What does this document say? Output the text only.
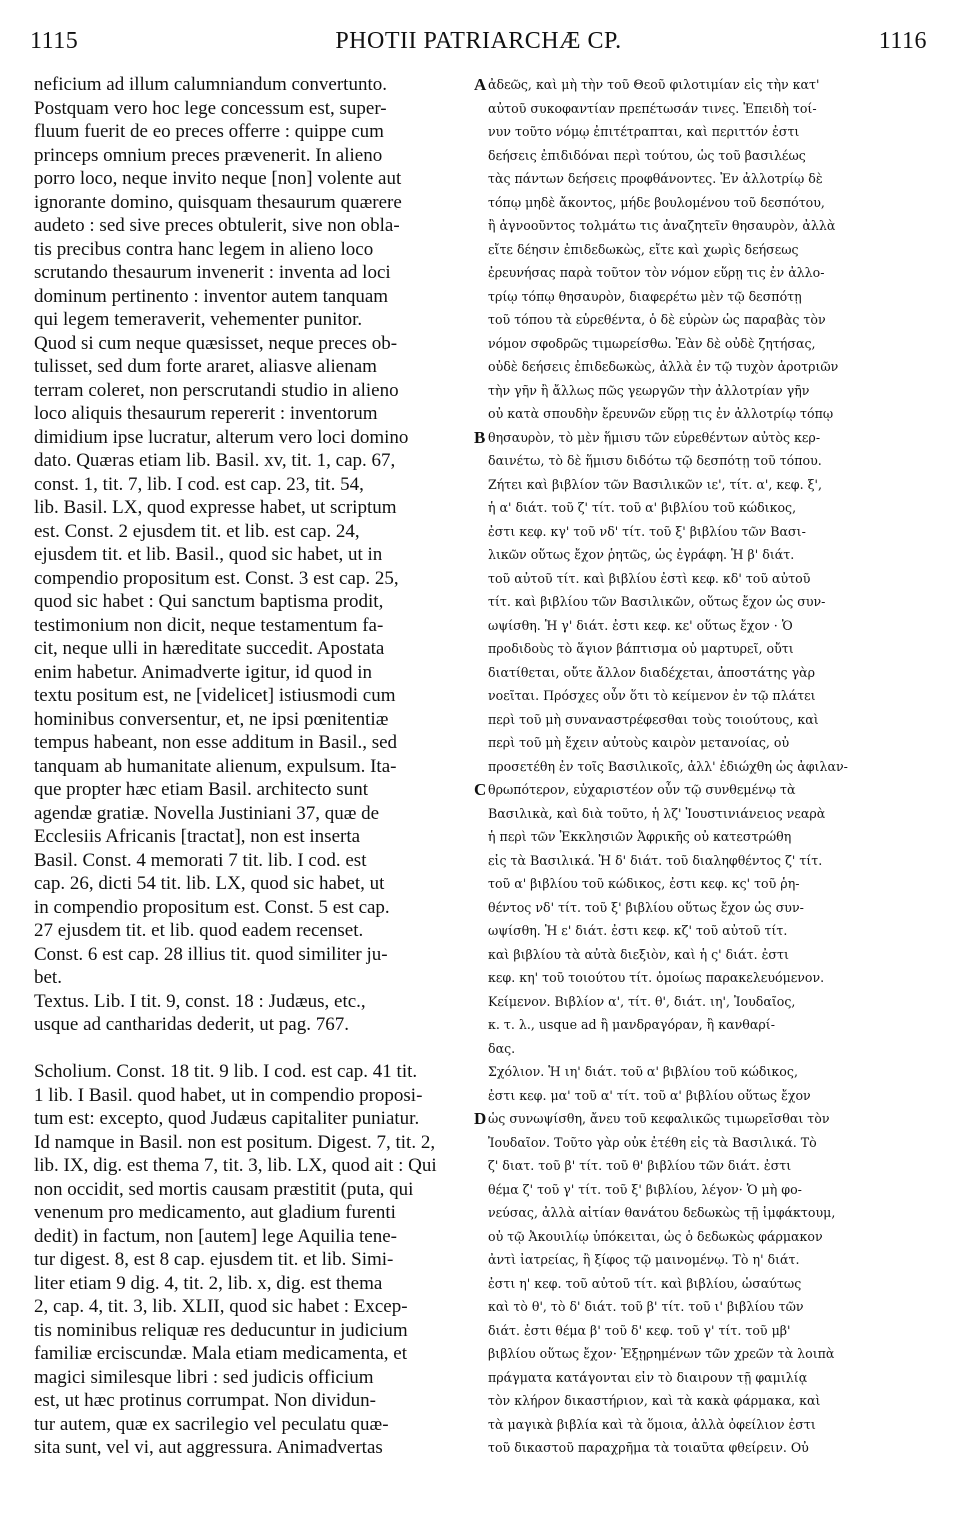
1115	PHOTII PATRIARCHÆ CP.	1116
neficium ad illum calumniandum convertunto.
Postquam vero hoc lege concessum est, super-
fluum fuerit de eo preces offerre : quippe cum
princeps omnium preces prævenerit. In alieno
porro loco, neque invito neque [non] volente aut
ignorante domino, quisquam thesaurum quærere
audeto : sed sive preces obtulerit, sive non obla-
tis precibus contra hanc legem in alieno loco
scrutando thesaurum invenerit : inventa ad loci
dominum pertinento : inventor autem tanquam
qui legem temeraverit, vehementer punitor.
Quod si cum neque quæsisset, neque preces ob-
tulisset, sed dum forte araret, aliasve alienam
terram coleret, non perscrutandi studio in alieno
loco aliquis thesaurum repererit : inventorum
dimidium ipse lucratur, alterum vero loci domino
dato. Quæras etiam lib. Basil. xv, tit. 1, cap. 67,
const. 1, tit. 7, lib. I cod. est cap. 23, tit. 54,
lib. Basil. LX, quod expresse habet, ut scriptum
est. Const. 2 ejusdem tit. et lib. est cap. 24,
ejusdem tit. et lib. Basil., quod sic habet, ut in
compendio propositum est. Const. 3 est cap. 25,
quod sic habet : Qui sanctum baptisma prodit,
testimonium non dicit, neque testamentum fa-
cit, neque ulli in hæreditate succedit. Apostata
enim habetur. Animadverte igitur, id quod in
textu positum est, ne [videlicet] istiusmodi cum
hominibus conversentur, et, ne ipsi pœnitentiæ
tempus habeant, non esse additum in Basil., sed
tanquam ab humanitate alienum, expulsum. Ita-
que propter hæc etiam Basil. architecto sunt
agendæ gratiæ. Novella Justiniani 37, quæ de
Ecclesiis Africanis [tractat], non est inserta
Basil. Const. 4 memorati 7 tit. lib. I cod. est
cap. 26, dicti 54 tit. lib. LX, quod sic habet, ut
in compendio propositum est. Const. 5 est cap.
27 ejusdem tit. et lib. quod eadem recenset.
Const. 6 est cap. 28 illius tit. quod similiter ju-
bet.
Textus. Lib. I tit. 9, const. 18 : Judæus, etc.,
usque ad cantharidas dederit, ut pag. 767.
Scholium. Const. 18 tit. 9 lib. I cod. est cap. 41 tit.
1 lib. I Basil. quod habet, ut in compendio proposi-
tum est: excepto, quod Judæus capitaliter puniatur.
Id namque in Basil. non est positum. Digest. 7, tit. 2,
lib. IX, dig. est thema 7, tit. 3, lib. LX, quod ait : Qui
non occidit, sed mortis causam præstitit (puta, qui
venenum pro medicamento, aut gladium furenti
dedit) in factum, non [autem] lege Aquilia tene-
tur digest. 8, est 8 cap. ejusdem tit. et lib. Simi-
liter etiam 9 dig. 4, tit. 2, lib. x, dig. est thema
2, cap. 4, tit. 3, lib. XLII, quod sic habet : Excep-
tis nominibus reliquæ res deducuntur in judicium
familiæ erciscundæ. Mala etiam medicamenta, et
magici similesque libri : sed judicis officium
est, ut hæc protinus corrumpat. Non dividun-
tur autem, quæ ex sacrilegio vel peculatu quæ-
sita sunt, vel vi, aut aggressura. Animadvertas
A
B
C
D
ἀδεῶς, καὶ μὴ τὴν τοῦ Θεοῦ φιλοτιμίαν εἰς τὴν κατ'
αὐτοῦ συκοφαντίαν πρεπέτωσάν τινες. Ἐπειδὴ τοί-
νυν τοῦτο νόμῳ ἐπιτέτραπται, καὶ περιττόν ἐστι
δεήσεις ἐπιδιδόναι περὶ τούτου, ὡς τοῦ βασιλέως
τὰς πάντων δεήσεις προφθάνοντες. Ἐν ἀλλοτρίῳ δὲ
τόπῳ μηδὲ ἄκοντος, μήδε βουλομένου τοῦ δεσπότου,
ἢ ἀγνοοῦντος τολμάτω τις ἀναζητεῖν θησαυρὸν, ἀλλὰ
εἴτε δέησιν ἐπιδεδωκὼς, εἴτε καὶ χωρὶς δεήσεως
ἐρευνήσας παρὰ τοῦτον τὸν νόμον εὕρῃ τις ἐν ἀλλο-
τρίῳ τόπῳ θησαυρὸν, διαφερέτω μὲν τῷ δεσπότῃ
τοῦ τόπου τὰ εὑρεθέντα, ὁ δὲ εὑρὼν ὡς παραβὰς τὸν
νόμον σφοδρῶς τιμωρείσθω. Ἐὰν δὲ οὐδὲ ζητήσας,
οὐδὲ δεήσεις ἐπιδεδωκὼς, ἀλλὰ ἐν τῷ τυχὸν ἀροτριῶν
τὴν γῆν ἢ ἄλλως πῶς γεωργῶν τὴν ἀλλοτρίαν γῆν
οὐ κατὰ σπουδὴν ἔρευνῶν εὕρῃ τις ἐν ἀλλοτρίῳ τόπῳ
θησαυρὸν, τὸ μὲν ἥμισυ τῶν εὑρεθέντων αὐτὸς κερ-
δαινέτω, τὸ δὲ ἥμισυ διδότω τῷ δεσπότῃ τοῦ τόπου.
Ζήτει καὶ βιβλίον τῶν Βασιλικῶν ιε', τίτ. α', κεφ. ξ',
ἡ α' διάτ. τοῦ ζ' τίτ. τοῦ α' βιβλίου τοῦ κώδικος,
ἐστι κεφ. κγ' τοῦ νδ' τίτ. τοῦ ξ' βιβλίου τῶν Βασι-
λικῶν οὕτως ἔχον ῥητῶς, ὡς ἐγράφη. Ἡ β' διάτ.
τοῦ αὐτοῦ τίτ. καὶ βιβλίου ἐστὶ κεφ. κδ' τοῦ αὐτοῦ
τίτ. καὶ βιβλίου τῶν Βασιλικῶν, οὕτως ἔχον ὡς συν-
ωψίσθη. Ἡ γ' διάτ. ἐστι κεφ. κε' οὕτως ἔχον · Ὁ
προδιδοὺς τὸ ἅγιον βάπτισμα οὐ μαρτυρεῖ, οὔτι
διατίθεται, οὔτε ἄλλον διαδέχεται, ἀποστάτης γὰρ
νοεῖται. Πρόσχες οὖν ὅτι τὸ κείμενον ἐν τῷ πλάτει
περὶ τοῦ μὴ συναναστρέφεσθαι τοὺς τοιούτους, καὶ
περὶ τοῦ μὴ ἔχειν αὐτοὺς καιρὸν μετανοίας, οὐ
προσετέθη ἐν τοῖς Βασιλικοῖς, ἀλλ' ἐδιώχθη ὡς ἀφιλαν-
θρωπότερον, εὐχαριστέον οὖν τῷ συνθεμένῳ τὰ
Βασιλικὰ, καὶ διὰ τοῦτο, ἡ λζ' Ἰουστινιάνειος νεαρὰ
ἡ περὶ τῶν Ἐκκλησιῶν Ἀφρικῆς οὐ κατεστρώθη
εἰς τὰ Βασιλικά. Ἡ δ' διάτ. τοῦ διαληφθέντος ζ' τίτ.
τοῦ α' βιβλίου τοῦ κώδικος, ἐστι κεφ. κς' τοῦ ῥη-
θέντος νδ' τίτ. τοῦ ξ' βιβλίου οὕτως ἔχον ὡς συν-
ωψίσθη. Ἡ ε' διάτ. ἐστι κεφ. κζ' τοῦ αὐτοῦ τίτ.
καὶ βιβλίου τὰ αὐτὰ διεξιὸν, καὶ ἡ ς' διάτ. ἐστι
κεφ. κη' τοῦ τοιούτου τίτ. ὁμοίως παρακελευόμενον.
Κείμενον. Βιβλίον α', τίτ. θ', διάτ. ιη', Ἰουδαῖος,
κ. τ. λ., usque ad ἢ μανδραγόραν, ἢ κανθαρί-
δας.
Σχόλιον. Ἡ ιη' διάτ. τοῦ α' βιβλίου τοῦ κώδικος,
ἐστι κεφ. μα' τοῦ α' τίτ. τοῦ α' βιβλίου οὕτως ἔχον
ὡς συνωψίσθη, ἄνευ τοῦ κεφαλικῶς τιμωρεῖσθαι τὸν
Ἰουδαῖον. Τοῦτο γὰρ οὐκ ἐτέθη εἰς τὰ Βασιλικά. Τὸ
ζ' διατ. τοῦ β' τίτ. τοῦ θ' βιβλίου τῶν διάτ. ἐστι
θέμα ζ' τοῦ γ' τίτ. τοῦ ξ' βιβλίου, λέγον· Ὁ μὴ φο-
νεύσας, ἀλλὰ αἰτίαν θανάτου δεδωκὼς τῇ ἰμφάκτουμ,
οὐ τῷ Ἀκουιλίῳ ὑπόκειται, ὡς ὁ δεδωκὼς φάρμακον
ἀντὶ ἰατρείας, ἢ ξίφος τῷ μαινομένῳ. Τὸ η' διάτ.
ἐστι η' κεφ. τοῦ αὐτοῦ τίτ. καὶ βιβλίου, ὡσαύτως
καὶ τὸ θ', τὸ δ' διάτ. τοῦ β' τίτ. τοῦ ι' βιβλίου τῶν
διάτ. ἐστι θέμα β' τοῦ δ' κεφ. τοῦ γ' τίτ. τοῦ μβ'
βιβλίου οὕτως ἔχον· Ἐξῃρημένων τῶν χρεῶν τὰ λοιπὰ
πράγματα κατάγονται εἰν τὸ διαιρουν τῇ φαμιλίᾳ
τὸν κλήρον δικαστήριον, καὶ τὰ κακὰ φάρμακα, καὶ
τὰ μαγικὰ βιβλία καὶ τὰ ὅμοια, ἀλλὰ ὀφείλιον ἐστι
τοῦ δικαστοῦ παραχρῆμα τὰ τοιαῦτα φθείρειν. Οὐ
